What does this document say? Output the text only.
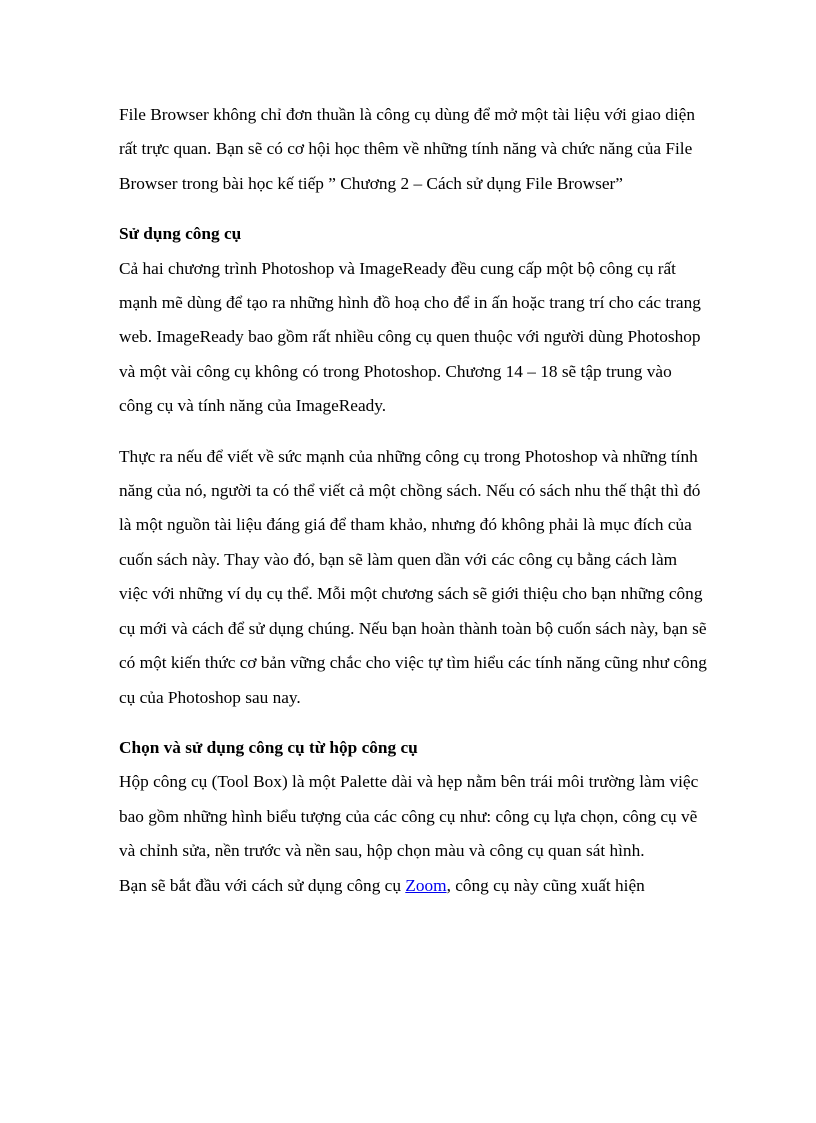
File Browser không chỉ đơn thuần là công cụ dùng để mở một tài liệu với giao diện rất trực quan. Bạn sẽ có cơ hội học thêm về những tính năng và chức năng của File Browser trong bài học kế tiếp ” Chương 2 – Cách sử dụng File Browser”

Sử dụng công cụ

Cả hai chương trình Photoshop và ImageReady đều cung cấp một bộ công cụ rất mạnh mẽ dùng để tạo ra những hình đồ hoạ cho để in ấn hoặc trang trí cho các trang web. ImageReady bao gồm rất nhiều công cụ quen thuộc với người dùng Photoshop và một vài công cụ không có trong Photoshop. Chương 14 – 18 sẽ tập trung vào công cụ và tính năng của ImageReady.

Thực ra nếu để viết về sức mạnh của những công cụ trong Photoshop và những tính năng của nó, người ta có thể viết cả một chồng sách. Nếu có sách nhu thế thật thì đó là một nguồn tài liệu đáng giá để tham khảo, nhưng đó không phải là mục đích của cuốn sách này. Thay vào đó, bạn sẽ làm quen dần với các công cụ bằng cách làm việc với những ví dụ cụ thể. Mỗi một chương sách sẽ giới thiệu cho bạn những công cụ mới và cách để sử dụng chúng. Nếu bạn hoàn thành toàn bộ cuốn sách này, bạn sẽ có một kiến thức cơ bản vững chắc cho việc tự tìm hiểu các tính năng cũng như công cụ của Photoshop sau nay.

Chọn và sử dụng công cụ từ hộp công cụ

Hộp công cụ (Tool Box) là một Palette dài và hẹp nằm bên trái môi trường làm việc bao gồm những hình biểu tượng của các công cụ như: công cụ lựa chọn, công cụ vẽ và chỉnh sửa, nền trước và nền sau, hộp chọn màu và công cụ quan sát hình.

Bạn sẽ bắt đầu với cách sử dụng công cụ Zoom, công cụ này cũng xuất hiện
